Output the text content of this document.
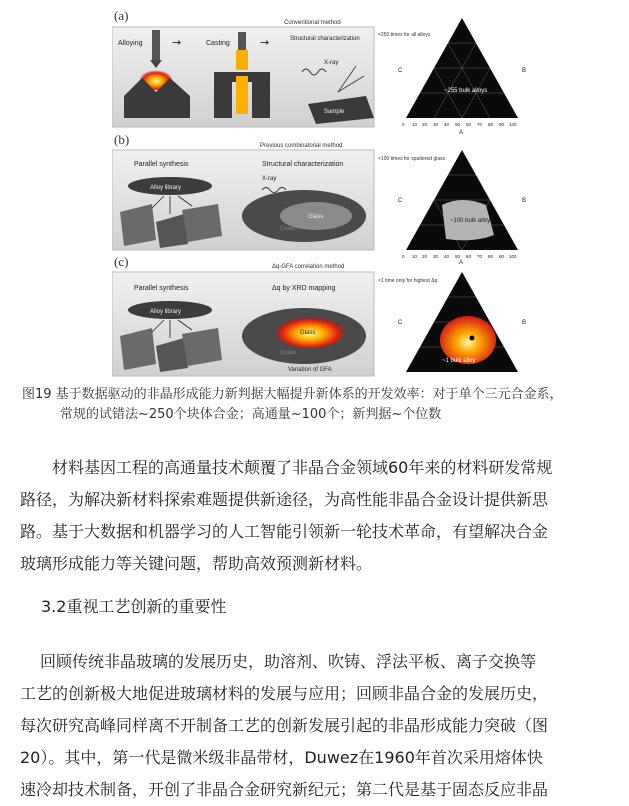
(a)	Conventional method
Alloying	Casting
Structural characterization
→	→
Sample
X-ray
×250 times for all alloys
(b)	Previous combinatorial method
Parallel synthesis	Structural characterization
Alloy library
Glass
Crystal
X-ray
×100 times for sputtered glass
(c)	Δq-GFA correlation method
Parallel synthesis	Δq by XRD mapping
Alloy library
Glass
Crystal
Variation of GFA
×1 time only for highest Δq
~255 bulk alloys
C	B
A
~100 bulk alloys
C	B
A
~1 bulk alloy
C	B
0 10 20 30 40 50 60 70 80 90 100
0 10 20 30 40 50 60 70 80 90 100

图19 基于数据驱动的非晶形成能力新判据大幅提升新体系的开发效率：对于单个三元合金系，

常规的试错法~250个块体合金；高通量~100个；新判据~个位数

材料基因工程的高通量技术颠覆了非晶合金领域60年来的材料研发常规
路径，为解决新材料探索难题提供新途径，为高性能非晶合金设计提供新思
路。基于大数据和机器学习的人工智能引领新一轮技术革命，有望解决合金
玻璃形成能力等关键问题，帮助高效预测新材料。

3.2重视工艺创新的重要性

回顾传统非晶玻璃的发展历史，助溶剂、吹铸、浮法平板、离子交换等
工艺的创新极大地促进玻璃材料的发展与应用；回顾非晶合金的发展历史，
每次研究高峰同样离不开制备工艺的创新发展引起的非晶形成能力突破（图
20）。其中，第一代是微米级非晶带材，Duwez在1960年首次采用熔体快
速冷却技术制备，开创了非晶合金研究新纪元；第二代是基于固态反应非晶
